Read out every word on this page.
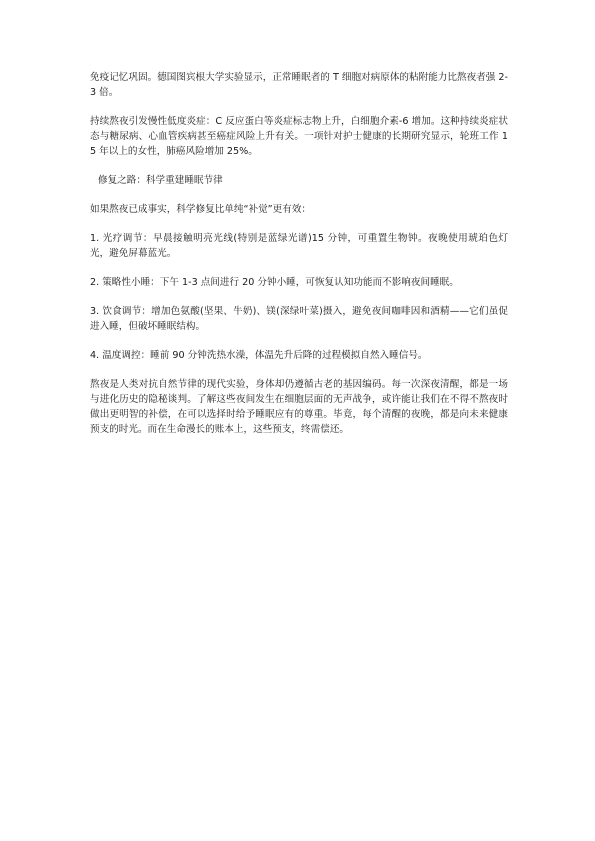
免疫记忆巩固。德国图宾根大学实验显示，正常睡眠者的 T 细胞对病原体的粘附能力比熬夜者强 2-3 倍。

持续熬夜引发慢性低度炎症：C 反应蛋白等炎症标志物上升，白细胞介素-6 增加。这种持续炎症状态与糖尿病、心血管疾病甚至癌症风险上升有关。一项针对护士健康的长期研究显示，轮班工作 15 年以上的女性，肺癌风险增加 25%。

修复之路：科学重建睡眠节律

如果熬夜已成事实，科学修复比单纯“补觉”更有效：

1. 光疗调节：早晨接触明亮光线(特别是蓝绿光谱)15 分钟，可重置生物钟。夜晚使用琥珀色灯光，避免屏幕蓝光。

2. 策略性小睡：下午 1-3 点间进行 20 分钟小睡，可恢复认知功能而不影响夜间睡眠。

3. 饮食调节：增加色氨酸(坚果、牛奶)、镁(深绿叶菜)摄入，避免夜间咖啡因和酒精——它们虽促进入睡，但破坏睡眠结构。

4. 温度调控：睡前 90 分钟洗热水澡，体温先升后降的过程模拟自然入睡信号。

熬夜是人类对抗自然节律的现代实验，身体却仍遵循古老的基因编码。每一次深夜清醒，都是一场与进化历史的隐秘谈判。了解这些夜间发生在细胞层面的无声战争，或许能让我们在不得不熬夜时做出更明智的补偿，在可以选择时给予睡眠应有的尊重。毕竟，每个清醒的夜晚，都是向未来健康预支的时光。而在生命漫长的账本上，这些预支，终需偿还。
